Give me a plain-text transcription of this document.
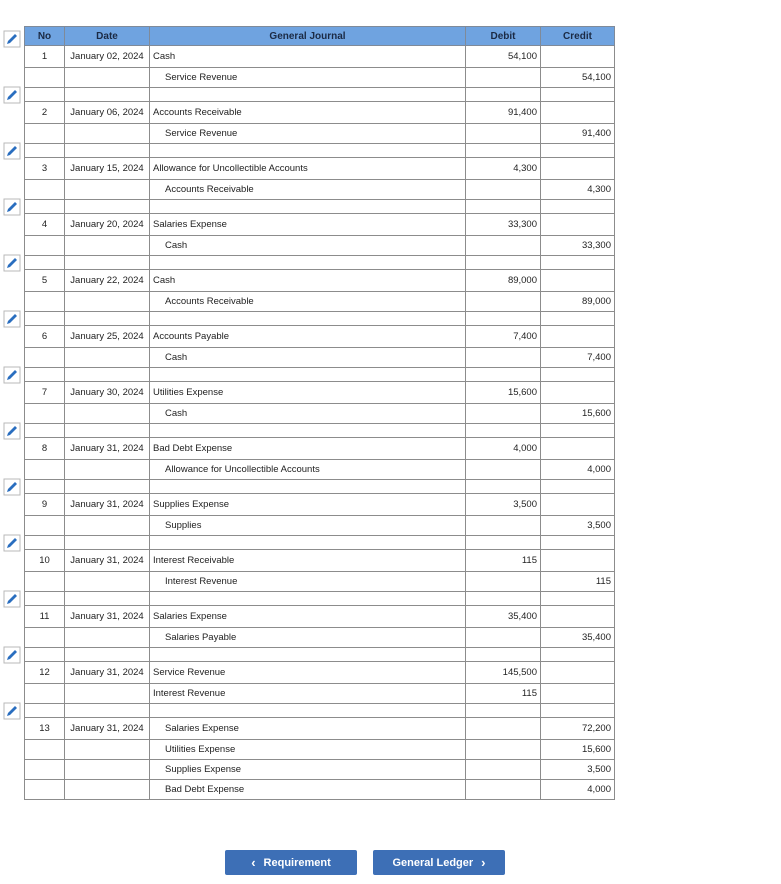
No	Date	General Journal	Debit	Credit
1	January 02, 2024	Cash	54,100	
		Service Revenue		54,100

2	January 06, 2024	Accounts Receivable	91,400	
		Service Revenue		91,400

3	January 15, 2024	Allowance for Uncollectible Accounts	4,300	
		Accounts Receivable		4,300

4	January 20, 2024	Salaries Expense	33,300	
		Cash		33,300

5	January 22, 2024	Cash	89,000	
		Accounts Receivable		89,000

6	January 25, 2024	Accounts Payable	7,400	
		Cash		7,400

7	January 30, 2024	Utilities Expense	15,600	
		Cash		15,600

8	January 31, 2024	Bad Debt Expense	4,000	
		Allowance for Uncollectible Accounts		4,000

9	January 31, 2024	Supplies Expense	3,500	
		Supplies		3,500

10	January 31, 2024	Interest Receivable	115	
		Interest Revenue		115

11	January 31, 2024	Salaries Expense	35,400	
		Salaries Payable		35,400

12	January 31, 2024	Service Revenue	145,500	
		Interest Revenue	115	

13	January 31, 2024	Salaries Expense		72,200
		Utilities Expense		15,600
		Supplies Expense		3,500
		Bad Debt Expense		4,000
‹ Requirement	General Ledger ›
